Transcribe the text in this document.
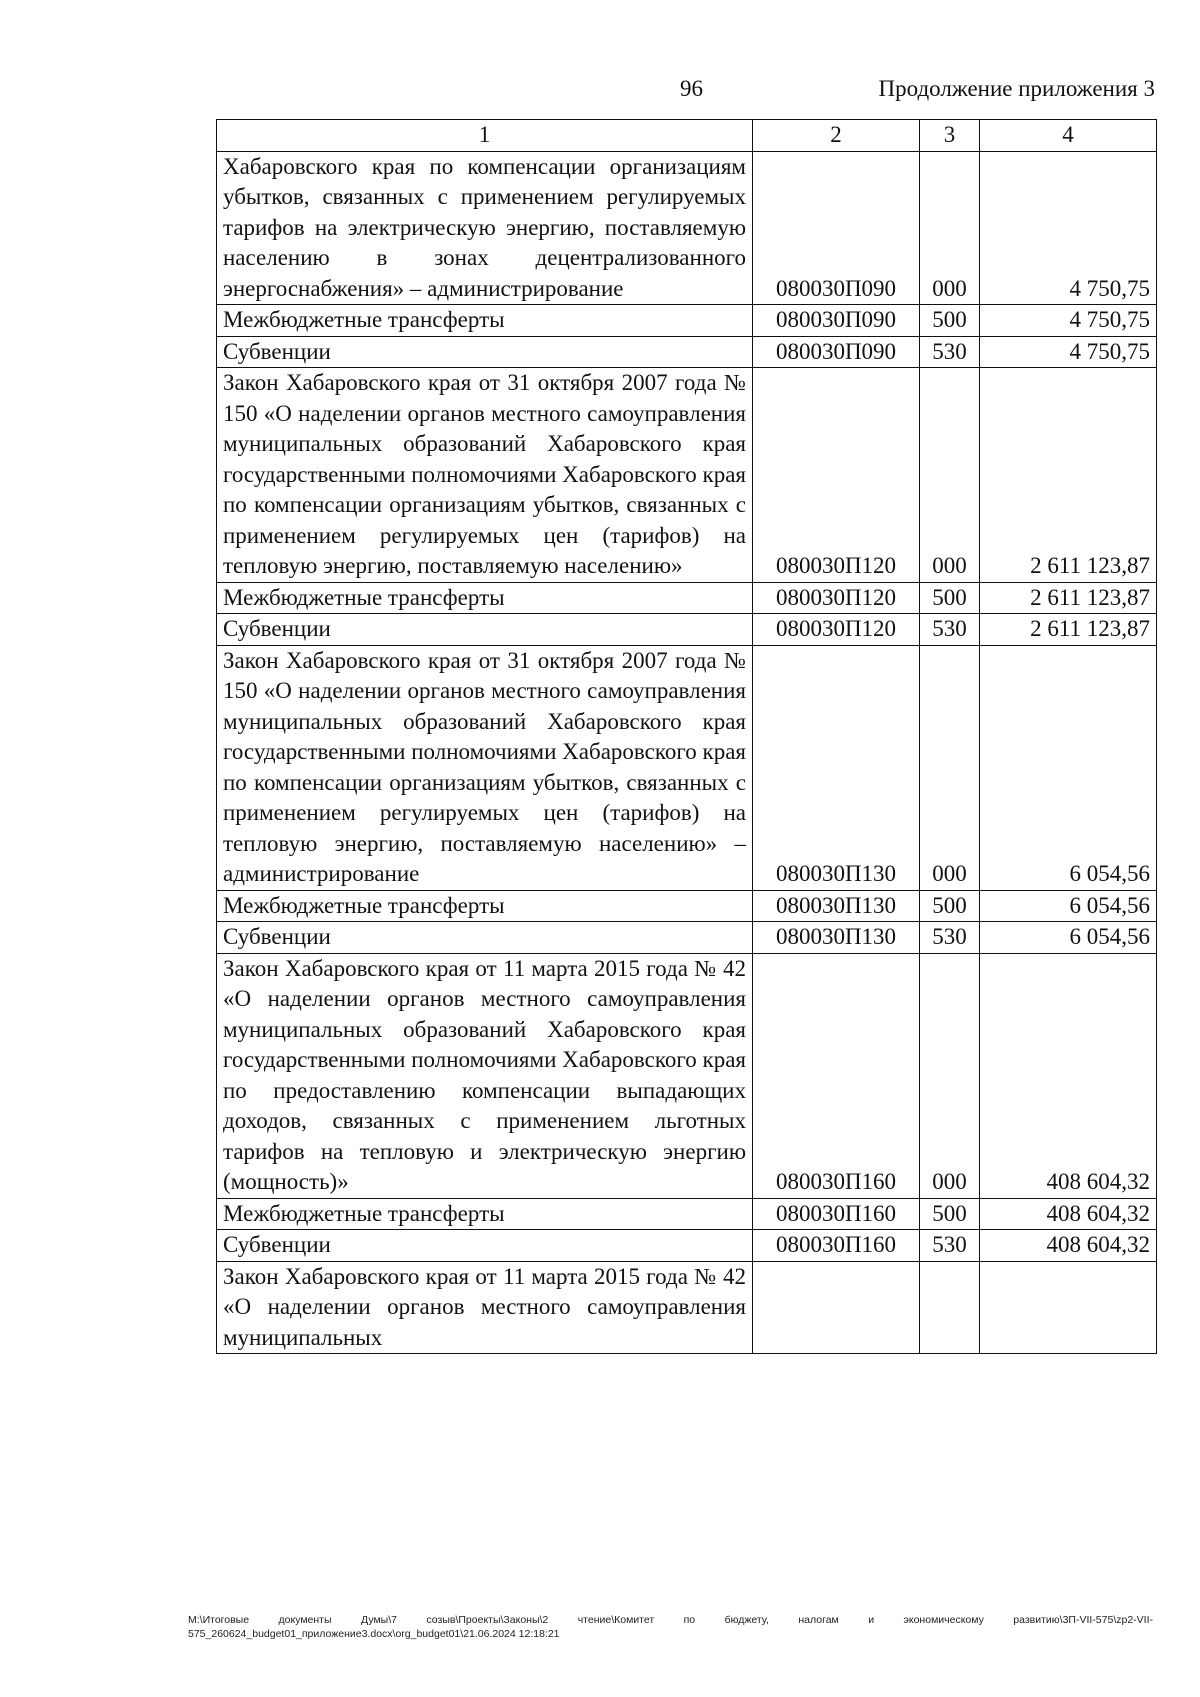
96	Продолжение приложения 3
1	2	3	4
Хабаровского края по компенсации организациям убытков, связанных с применением регулируемых тарифов на электрическую энергию, поставляемую населению в зонах децентрализованного энергоснабжения» – администрирование	080030П090	000	4 750,75
Межбюджетные трансферты	080030П090	500	4 750,75
Субвенции	080030П090	530	4 750,75
Закон Хабаровского края от 31 октября 2007 года № 150 «О наделении органов местного самоуправления муниципальных образований Хабаровского края государственными полномочиями Хабаровского края по компенсации организациям убытков, связанных с применением регулируемых цен (тарифов) на тепловую энергию, поставляемую населению»	080030П120	000	2 611 123,87
Межбюджетные трансферты	080030П120	500	2 611 123,87
Субвенции	080030П120	530	2 611 123,87
Закон Хабаровского края от 31 октября 2007 года № 150 «О наделении органов местного самоуправления муниципальных образований Хабаровского края государственными полномочиями Хабаровского края по компенсации организациям убытков, связанных с применением регулируемых цен (тарифов) на тепловую энергию, поставляемую населению» – администрирование	080030П130	000	6 054,56
Межбюджетные трансферты	080030П130	500	6 054,56
Субвенции	080030П130	530	6 054,56
Закон Хабаровского края от 11 марта 2015 года № 42 «О наделении органов местного самоуправления муниципальных образований Хабаровского края государственными полномочиями Хабаровского края по предоставлению компенсации выпадающих доходов, связанных с применением льготных тарифов на тепловую и электрическую энергию (мощность)»	080030П160	000	408 604,32
Межбюджетные трансферты	080030П160	500	408 604,32
Субвенции	080030П160	530	408 604,32
Закон Хабаровского края от 11 марта 2015 года № 42 «О наделении органов местного самоуправления муниципальных			
M:\Итоговые документы Думы\7 созыв\Проекты\Законы\2 чтение\Комитет по бюджету, налогам и экономическому развитию\3П-VII-575\zp2-VII-575_260624_budget01_приложение3.docx\org_budget01\21.06.2024 12:18:21
